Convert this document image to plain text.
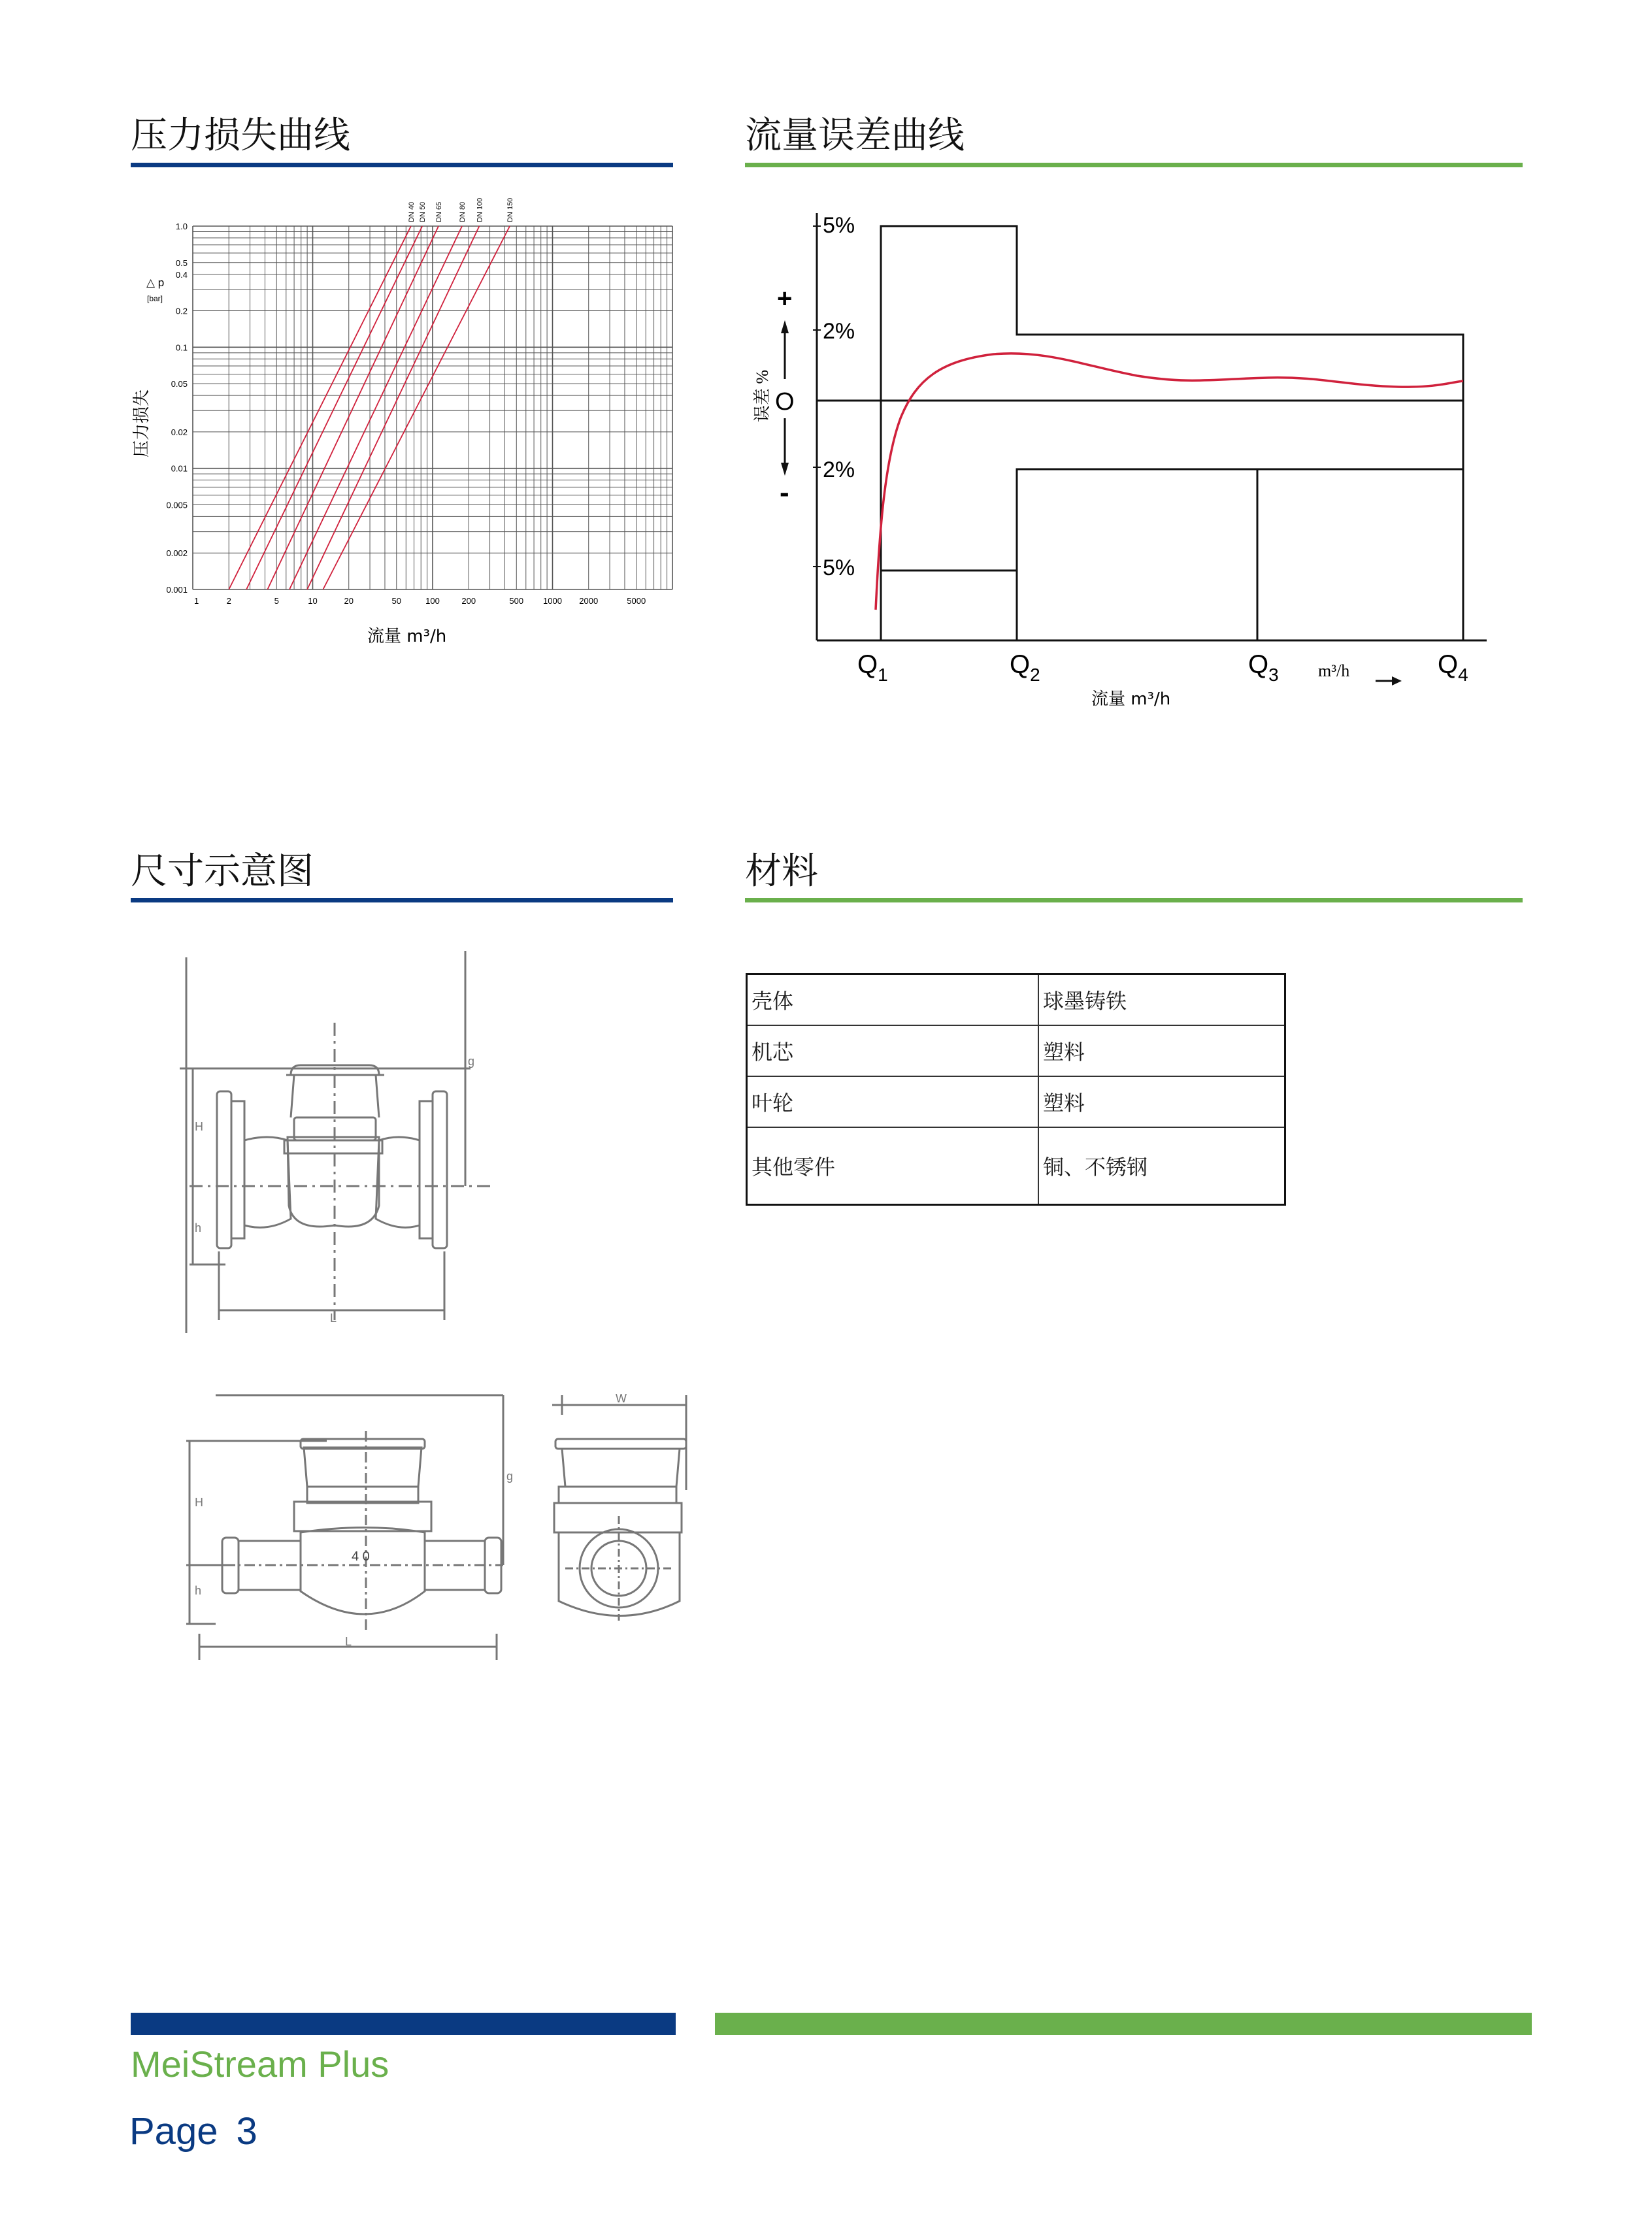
压力损失曲线	流量误差曲线
尺寸示意图	材料
1.0
0.5
0.4
0.2
0.1
0.05
0.02
0.01
0.005
0.002
0.001
1	2	5	10	20	50	100	200	500 1000 2000	5000
DN 40 DN 50 DN 65 DN 80 DN 100	DN 150
△ p
[bar]
压力损失
流量 m³/h
5%
2%
2%
5%
+
O
-
误差 %
$Q_1$	$Q_2$	$Q_3$	$Q_4$
m³/h
流量 m³/h
H
h
L
g
H
h
L
g
W
4 0
壳体	球墨铸铁
机芯	塑料
叶轮	塑料
其他零件	铜、不锈钢
MeiStream Plus
Page 3
